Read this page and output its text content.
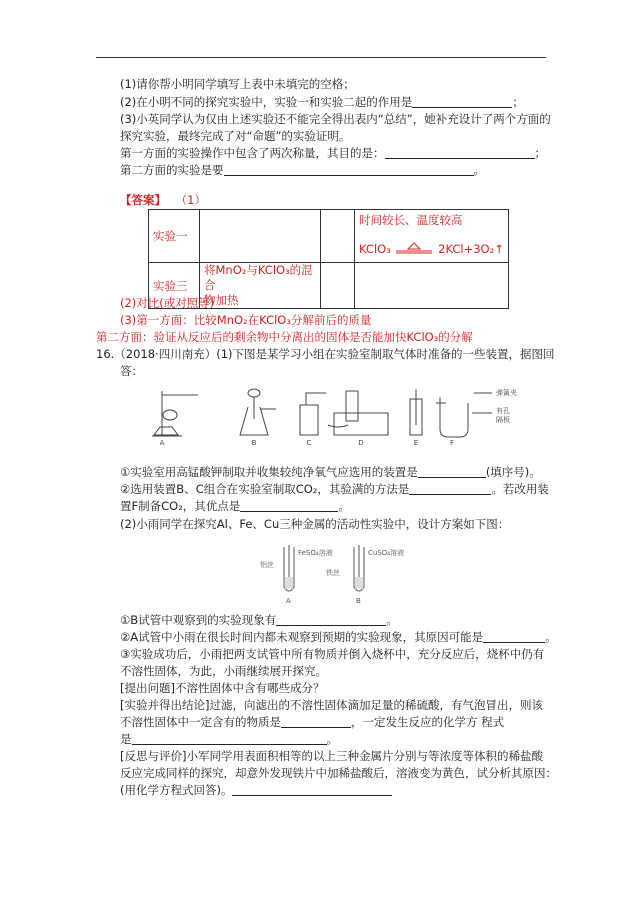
(1)请你帮小明同学填写上表中未填完的空格；
(2)在小明不同的探究实验中，实验一和实验二起的作用是	；
(3)小英同学认为仅由上述实验还不能完全得出表内“总结”，她补充设计了两个方面的
探究实验，最终完成了对“命题”的实验证明。
第一方面的实验操作中包含了两次称量，其目的是：	；
第二方面的实验是要	。
【答案】 （1）
实验一			时间较长、温度较高
KClO₃ 2KCl+3O₂↑

实验三	将MnO₂与KClO₃的混合
物加热		

(2)对比(或对照等)
(3)第一方面：比较MnO₂在KClO₃分解前后的质量
第二方面：验证从反应后的剩余物中分离出的固体是否能加快KClO₃的分解
16.（2018·四川南充）(1)下图是某学习小组在实验室制取气体时准备的一些装置，据图回
答：
A	B	C	D	E
弹簧夹
有孔
隔板
F
①实验室用高锰酸钾制取并收集较纯净氧气应选用的装置是	(填序号)。
②选用装置B、C组合在实验室制取CO₂，其验满的方法是	。若改用装
置F制备CO₂，其优点是	。
(2)小雨同学在探究Al、Fe、Cu三种金属的活动性实验中，设计方案如下图：
铝丝
FeSO₄溶液	CuSO₄溶液
铁丝
A	B
①B试管中观察到的实验现象有	。
②A试管中小雨在很长时间内都未观察到预期的实验现象，其原因可能是	。
③实验成功后，小雨把两支试管中所有物质并倒入烧杯中，充分反应后，烧杯中仍有
不溶性固体，为此，小雨继续展开探究。
[提出问题]不溶性固体中含有哪些成分？
[实验并得出结论]过滤，向滤出的不溶性固体滴加足量的稀硫酸，有气泡冒出，则该
不溶性固体中一定含有的物质是	，一定发生反应的化学方 程式
是	。
[反思与评价]小军同学用表面积相等的以上三种金属片分别与等浓度等体积的稀盐酸
反应完成同样的探究，却意外发现铁片中加稀盐酸后，溶液变为黄色，试分析其原因：
(用化学方程式回答)。
